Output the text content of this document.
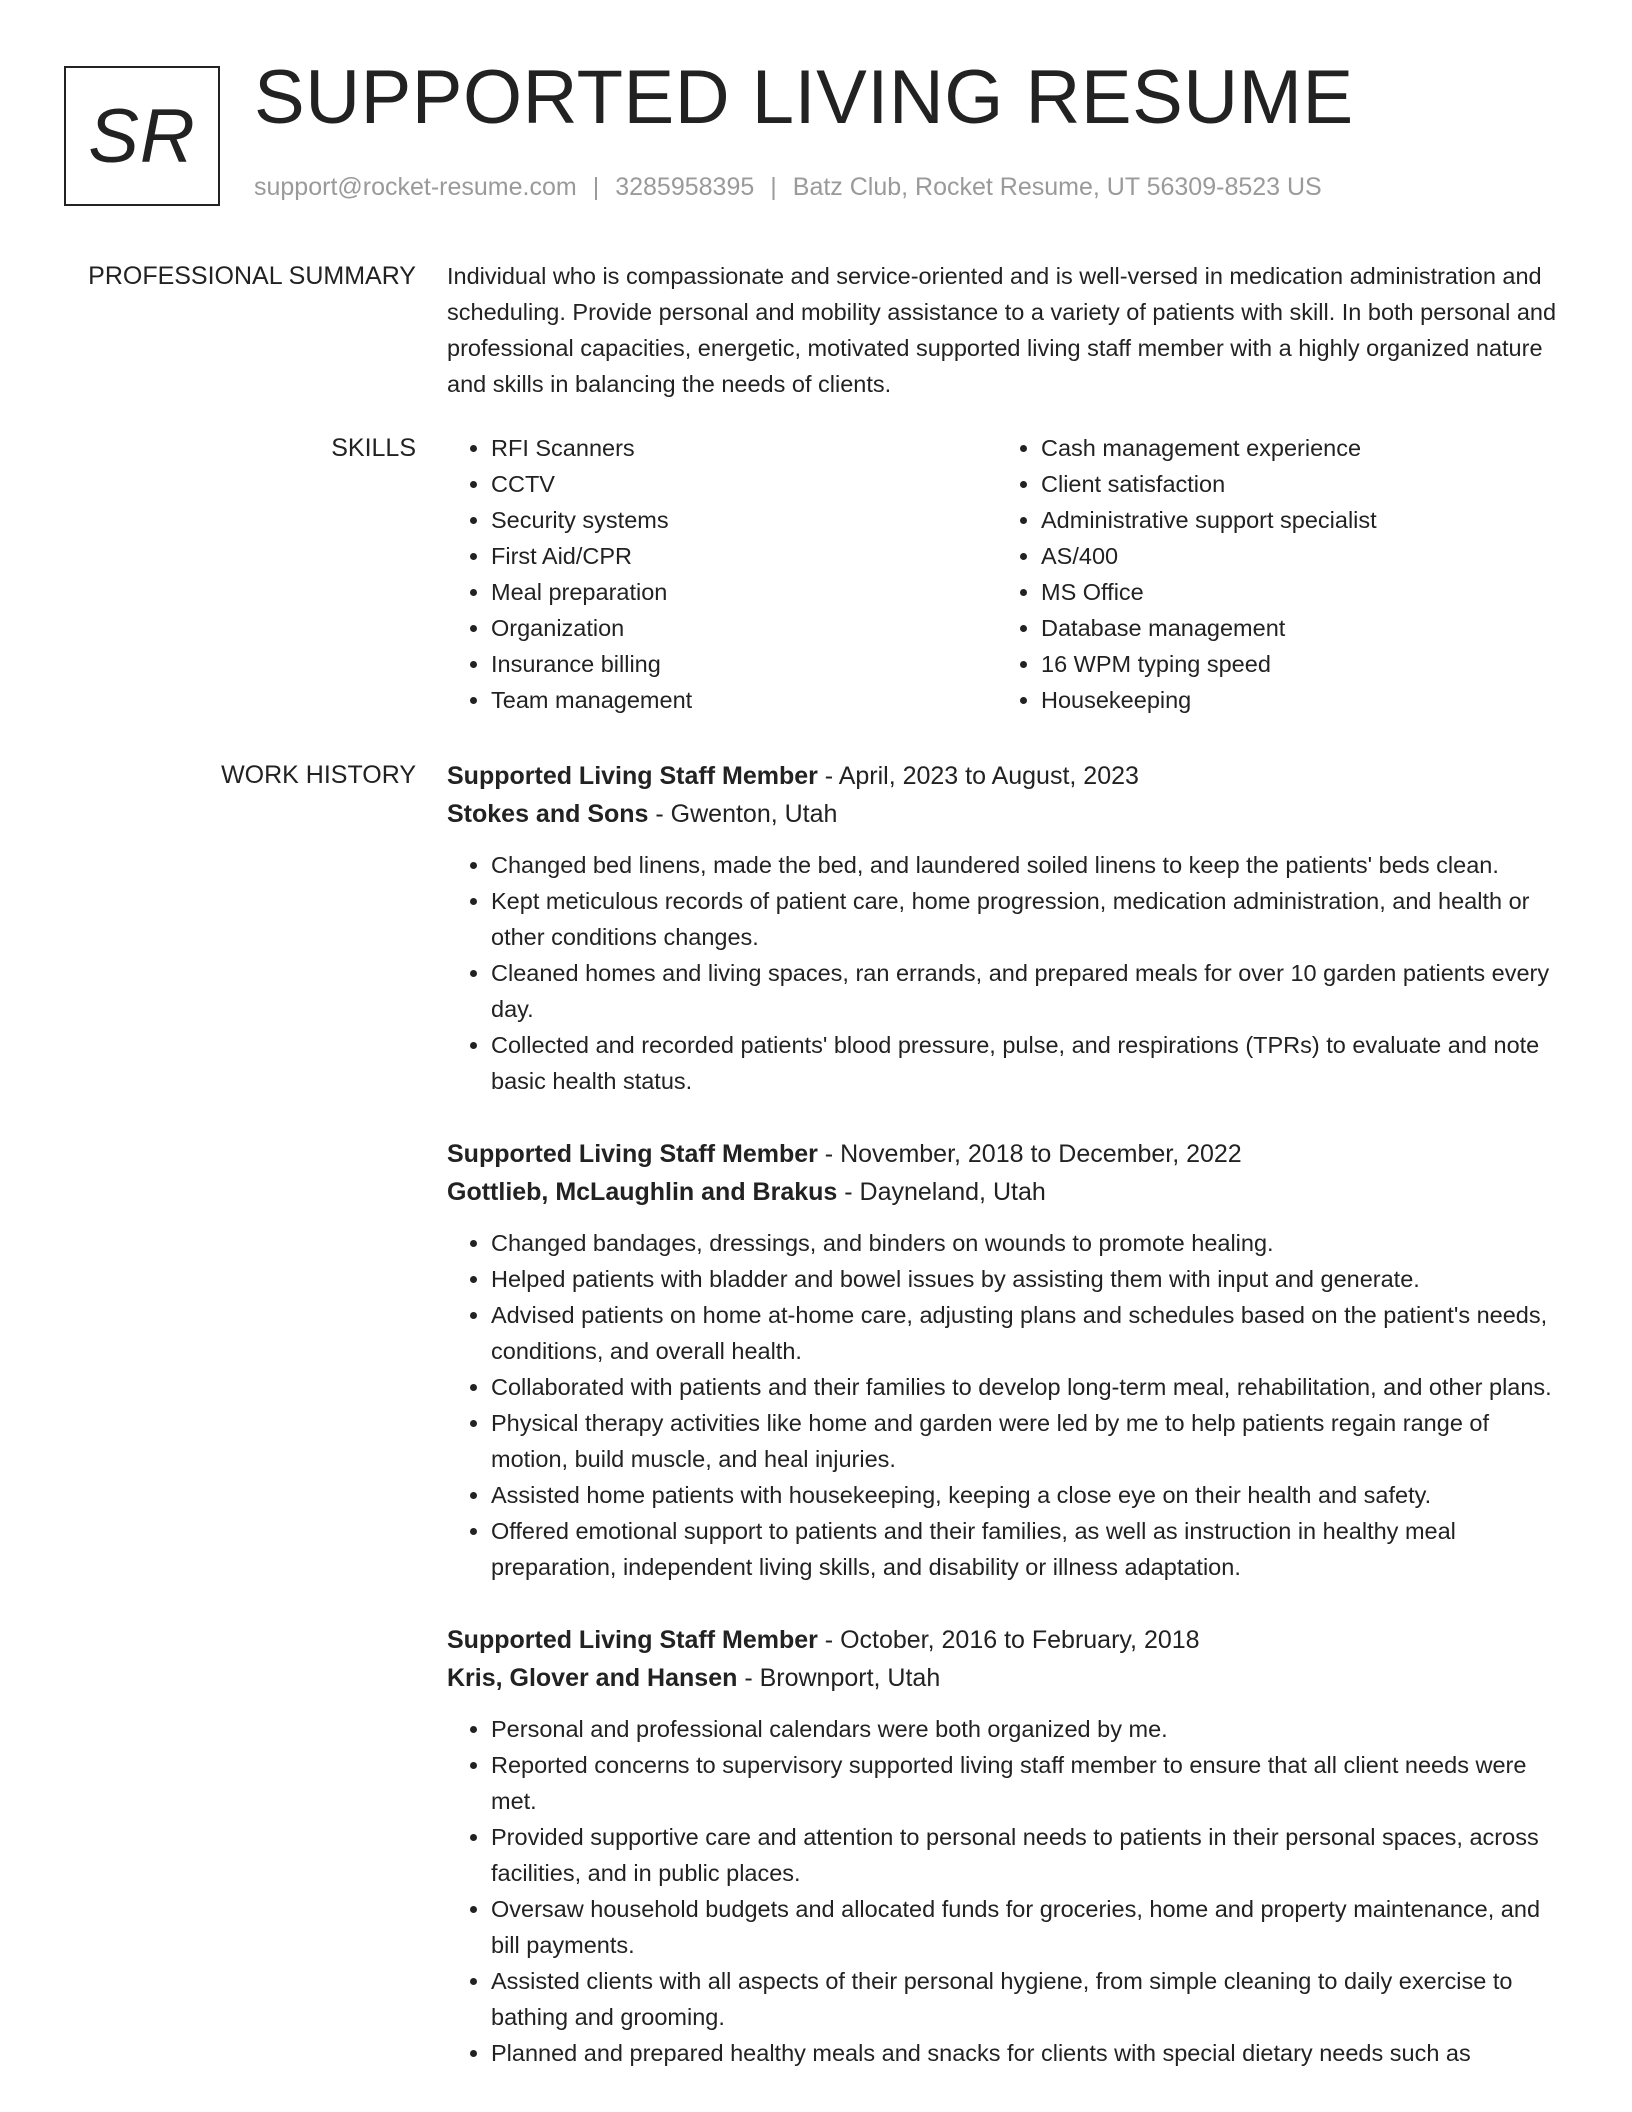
SR SUPPORTED LIVING RESUME
support@rocket-resume.com | 3285958395 | Batz Club, Rocket Resume, UT 56309-8523 US
PROFESSIONAL SUMMARY Individual who is compassionate and service-oriented and is well-versed in medication administration and scheduling. Provide personal and mobility assistance to a variety of patients with skill. In both personal and professional capacities, energetic, motivated supported living staff member with a highly organized nature and skills in balancing the needs of clients.

SKILLS
•	RFI Scanners
• CCTV
• Security systems
• First Aid/CPR
• Meal preparation
• Organization
• Insurance billing
• Team management
• Cash management experience
• Client satisfaction
• Administrative support specialist
• AS/400
• MS Office
• Database management
• 16 WPM typing speed
• Housekeeping
WORK HISTORY Supported Living Staff Member - April, 2023 to August, 2023
Stokes and Sons - Gwenton, Utah
• Changed bed linens, made the bed, and laundered soiled linens to keep the patients' beds clean.
• Kept meticulous records of patient care, home progression, medication administration, and health or other conditions changes.
• Cleaned homes and living spaces, ran errands, and prepared meals for over 10 garden patients every day.
• Collected and recorded patients' blood pressure, pulse, and respirations (TPRs) to evaluate and note basic health status.
Supported Living Staff Member - November, 2018 to December, 2022
Gottlieb, McLaughlin and Brakus - Dayneland, Utah
• Changed bandages, dressings, and binders on wounds to promote healing.
• Helped patients with bladder and bowel issues by assisting them with input and generate.
• Advised patients on home at-home care, adjusting plans and schedules based on the patient's needs, conditions, and overall health.
• Collaborated with patients and their families to develop long-term meal, rehabilitation, and other plans.
• Physical therapy activities like home and garden were led by me to help patients regain range of motion, build muscle, and heal injuries.
• Assisted home patients with housekeeping, keeping a close eye on their health and safety.
• Offered emotional support to patients and their families, as well as instruction in healthy meal preparation, independent living skills, and disability or illness adaptation.
Supported Living Staff Member - October, 2016 to February, 2018
Kris, Glover and Hansen - Brownport, Utah
• Personal and professional calendars were both organized by me.
• Reported concerns to supervisory supported living staff member to ensure that all client needs were met.
• Provided supportive care and attention to personal needs to patients in their personal spaces, across facilities, and in public places.
• Oversaw household budgets and allocated funds for groceries, home and property maintenance, and bill payments.
• Assisted clients with all aspects of their personal hygiene, from simple cleaning to daily exercise to bathing and grooming.
• Planned and prepared healthy meals and snacks for clients with special dietary needs such as
